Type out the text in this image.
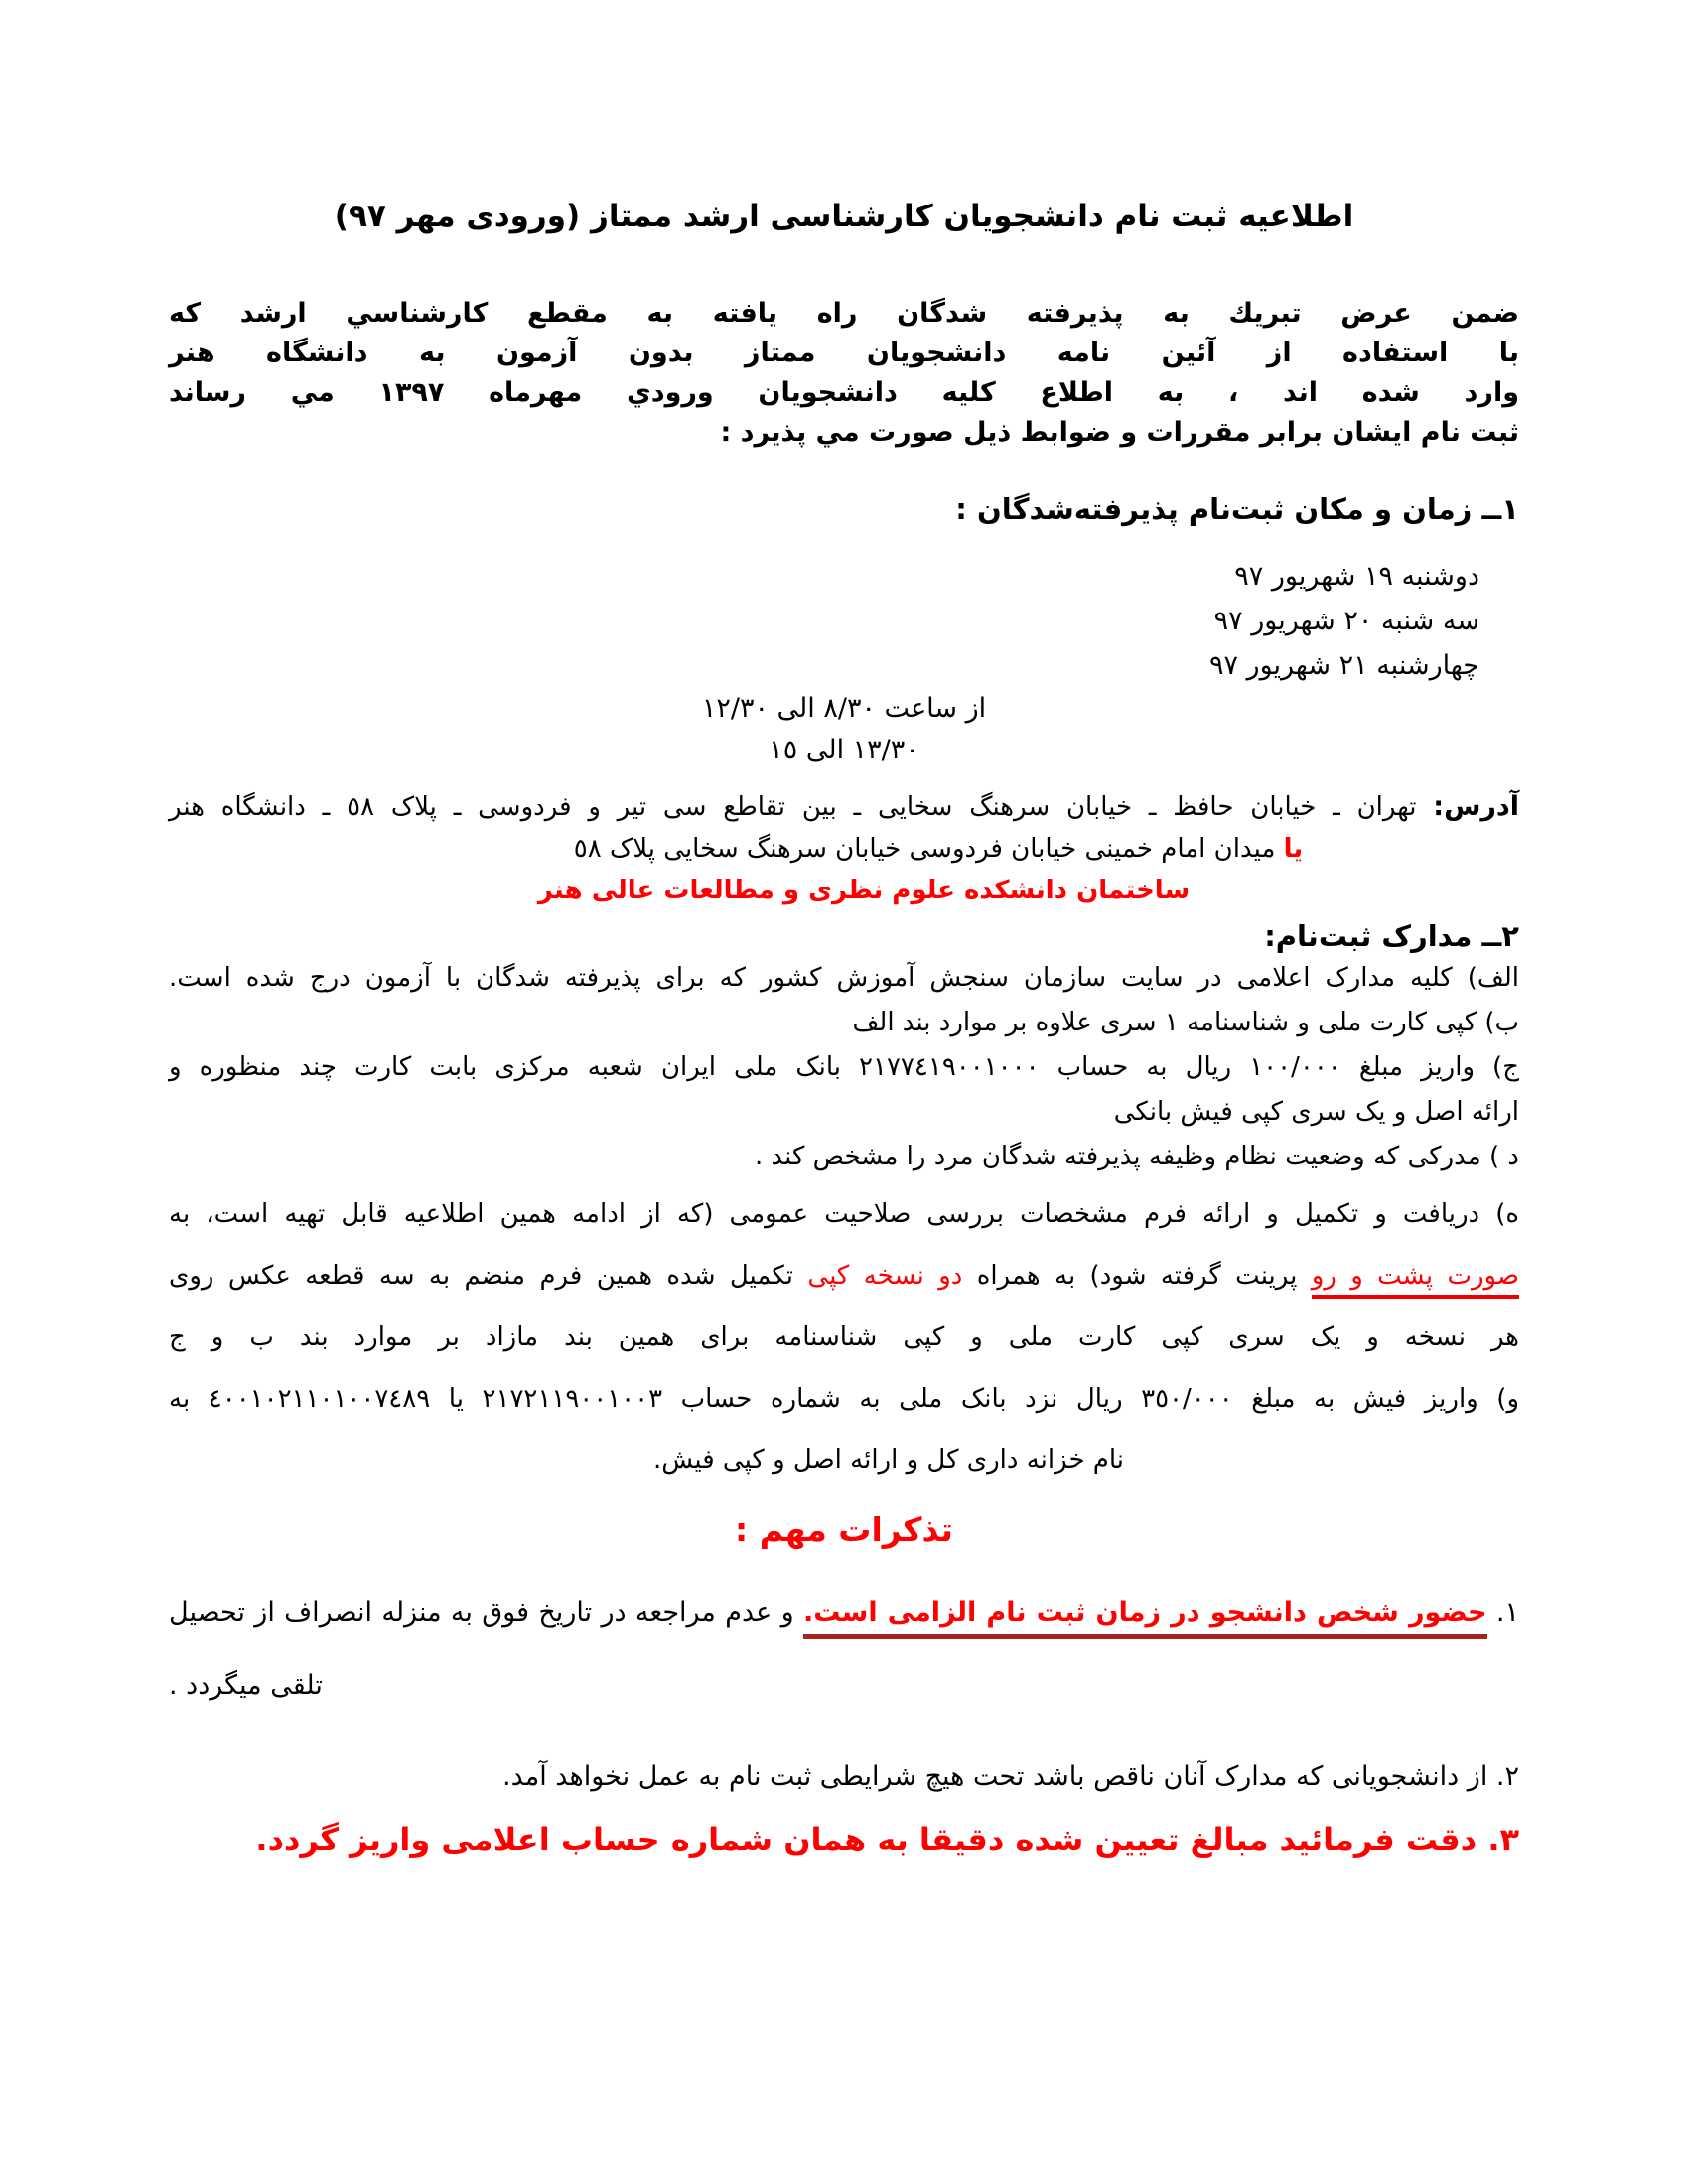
اطلاعیه ثبت نام دانشجویان کارشناسی ارشد ممتاز (ورودی مهر ۹۷)
ضمن عرض تبریك به پذیرفته شدگان راه یافته به مقطع كارشناسي ارشد كه
با استفاده از آئین نامه دانشجویان ممتاز بدون آزمون به دانشگاه هنر
وارد شده اند ، به اطلاع كلیه دانشجویان ورودي مهرماه ١٣٩٧ مي رساند
ثبت نام ایشان برابر مقررات و ضوابط ذیل صورت مي پذیرد :
١ــ زمان و مکان ثبت‌نام پذیرفته‌شدگان :
دوشنبه ١٩ شهریور ٩٧
سه شنبه ٢٠ شهریور ٩٧
چهارشنبه ٢١ شهریور ٩٧
از ساعت ٨/٣٠ الی ١٢/٣٠
١٣/٣٠ الی ١٥
آدرس: تهران ـ خیابان حافظ ـ خیابان سرهنگ سخایی ـ بین تقاطع سی تیر و فردوسی ـ پلاک ٥٨ ـ دانشگاه هنر
یا میدان امام خمینی خیابان فردوسی خیابان سرهنگ سخایی پلاک ٥٨
ساختمان دانشکده علوم نظری و مطالعات عالی هنر
٢ــ مدارک ثبت‌نام:
الف) کلیه مدارک اعلامی در سایت سازمان سنجش آموزش کشور که برای پذیرفته شدگان با آزمون درج شده است.
ب) کپی کارت ملی و شناسنامه ١ سری علاوه بر موارد بند الف
ج) واریز مبلغ ١٠٠/٠٠٠ ریال به حساب ٢١٧٧٤١٩٠٠١٠٠٠ بانک ملی ایران شعبه مرکزی بابت کارت چند منظوره و
ارائه اصل و یک سری کپی فیش بانکی
د ) مدرکی که وضعیت نظام وظیفه پذیرفته شدگان مرد را مشخص کند .
ه) دریافت و تکمیل و ارائه فرم مشخصات بررسی صلاحیت عمومی (که از ادامه همین اطلاعیه قابل تهیه است، به
صورت پشت و رو پرینت گرفته شود) به همراه دو نسخه کپی تکمیل شده همین فرم منضم به سه قطعه عکس روی
هر نسخه و یک سری کپی کارت ملی و کپی شناسنامه برای همین بند مازاد بر موارد بند ب و ج
و) واریز فیش به مبلغ ٣٥٠/٠٠٠ ریال نزد بانک ملی به شماره حساب ٢١٧٢١١٩٠٠١٠٠٣ یا ٤٠٠١٠٢١١٠١٠٠٧٤٨٩ به
نام خزانه داری کل و ارائه اصل و کپی فیش.
تذکرات مهم :
١. حضور شخص دانشجو در زمان ثبت نام الزامی است. و عدم مراجعه در تاریخ فوق به منزله انصراف از تحصیل
تلقی میگردد .
٢. از دانشجویانی که مدارک آنان ناقص باشد تحت هیچ شرایطی ثبت نام به عمل نخواهد آمد.
٣. دقت فرمائید مبالغ تعیین شده دقیقا به همان شماره حساب اعلامی واریز گردد.
